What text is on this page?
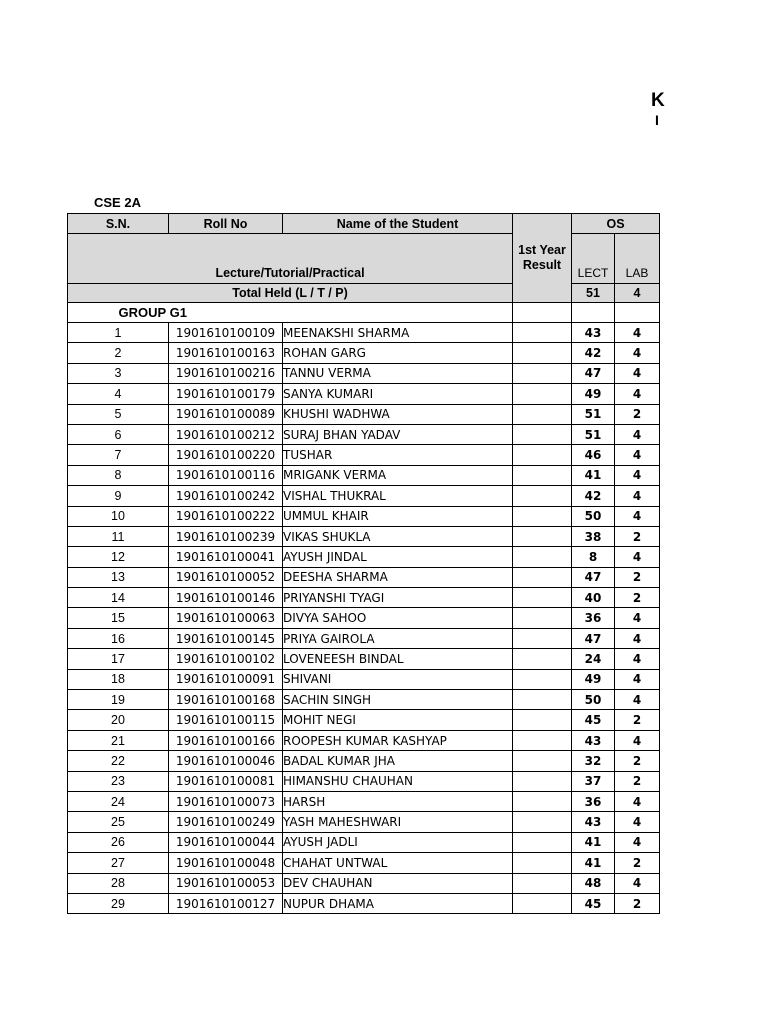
K
I
CSE 2A
S.N.	Roll No	Name of the Student	1st Year Result	OS	
Lecture/Tutorial/Practical				LECT	LAB
Total Held (L / T / P)				51	4

GROUP G1					

1	1901610100109	MEENAKSHI SHARMA		43	4
2	1901610100163	ROHAN GARG		42	4
3	1901610100216	TANNU VERMA		47	4
4	1901610100179	SANYA KUMARI		49	4
5	1901610100089	KHUSHI WADHWA		51	2
6	1901610100212	SURAJ BHAN YADAV		51	4
7	1901610100220	TUSHAR		46	4
8	1901610100116	MRIGANK VERMA		41	4
9	1901610100242	VISHAL THUKRAL		42	4
10	1901610100222	UMMUL KHAIR		50	4
11	1901610100239	VIKAS SHUKLA		38	2
12	1901610100041	AYUSH JINDAL		8	4
13	1901610100052	DEESHA SHARMA		47	2
14	1901610100146	PRIYANSHI TYAGI		40	2
15	1901610100063	DIVYA SAHOO		36	4
16	1901610100145	PRIYA GAIROLA		47	4
17	1901610100102	LOVENEESH BINDAL		24	4
18	1901610100091	SHIVANI		49	4
19	1901610100168	SACHIN SINGH		50	4
20	1901610100115	MOHIT NEGI		45	2
21	1901610100166	ROOPESH KUMAR KASHYAP		43	4
22	1901610100046	BADAL KUMAR JHA		32	2
23	1901610100081	HIMANSHU CHAUHAN		37	2
24	1901610100073	HARSH		36	4
25	1901610100249	YASH MAHESHWARI		43	4
26	1901610100044	AYUSH JADLI		41	4
27	1901610100048	CHAHAT UNTWAL		41	2
28	1901610100053	DEV CHAUHAN		48	4
29	1901610100127	NUPUR DHAMA		45	2
